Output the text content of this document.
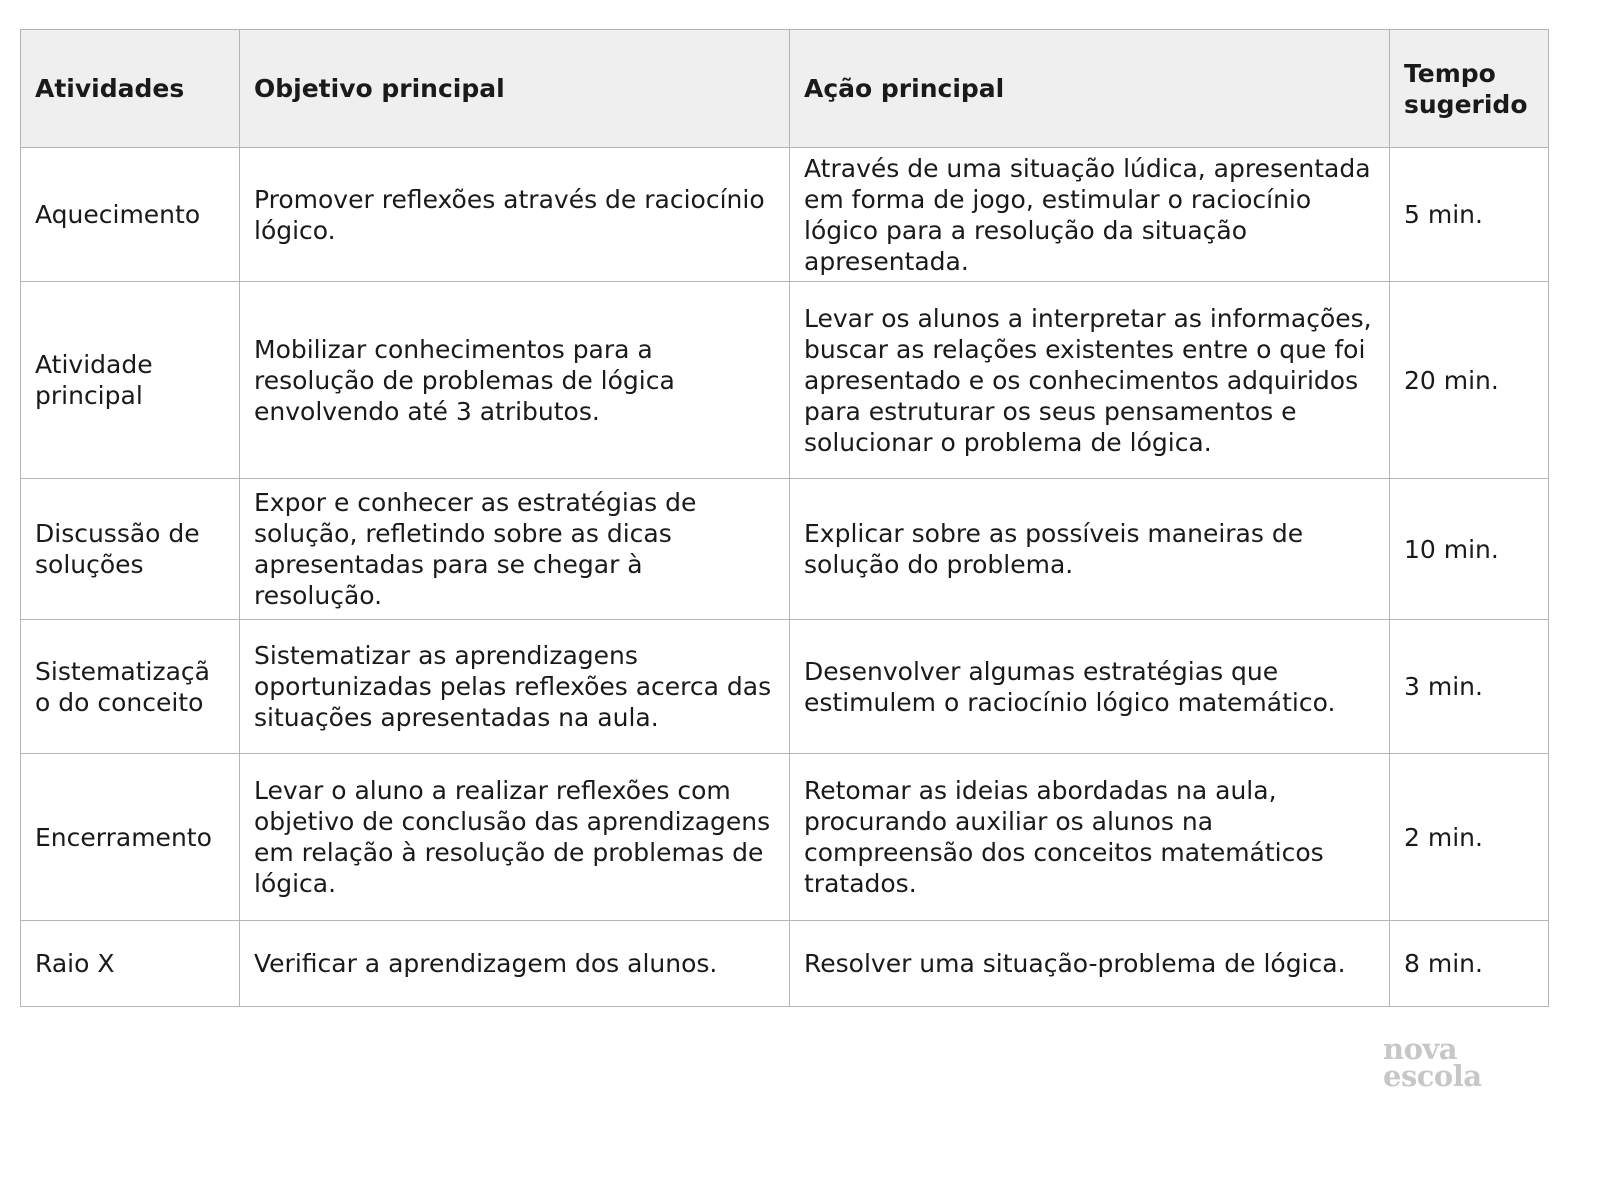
Atividades	Objetivo principal	Ação principal	Tempo sugerido
Aquecimento	Promover reflexões através de raciocínio lógico.	Através de uma situação lúdica, apresentada em forma de jogo, estimular o raciocínio lógico para a resolução da situação apresentada.	5 min.
Atividade principal	Mobilizar conhecimentos para a resolução de problemas de lógica envolvendo até 3 atributos.	Levar os alunos a interpretar as informações, buscar as relações existentes entre o que foi apresentado e os conhecimentos adquiridos para estruturar os seus pensamentos e solucionar o problema de lógica.	20 min.
Discussão de soluções	Expor e conhecer as estratégias de solução, refletindo sobre as dicas apresentadas para se chegar à resolução.	Explicar sobre as possíveis maneiras de solução do problema.	10 min.
Sistematização do conceito	Sistematizar as aprendizagens oportunizadas pelas reflexões acerca das situações apresentadas na aula.	Desenvolver algumas estratégias que estimulem o raciocínio lógico matemático.	3 min.
Encerramento	Levar o aluno a realizar reflexões com objetivo de conclusão das aprendizagens em relação à resolução de problemas de lógica.	Retomar as ideias abordadas na aula, procurando auxiliar os alunos na compreensão dos conceitos matemáticos tratados.	2 min.
Raio X	Verificar a aprendizagem dos alunos.	Resolver uma situação-problema de lógica.	8 min.
nova
escola
